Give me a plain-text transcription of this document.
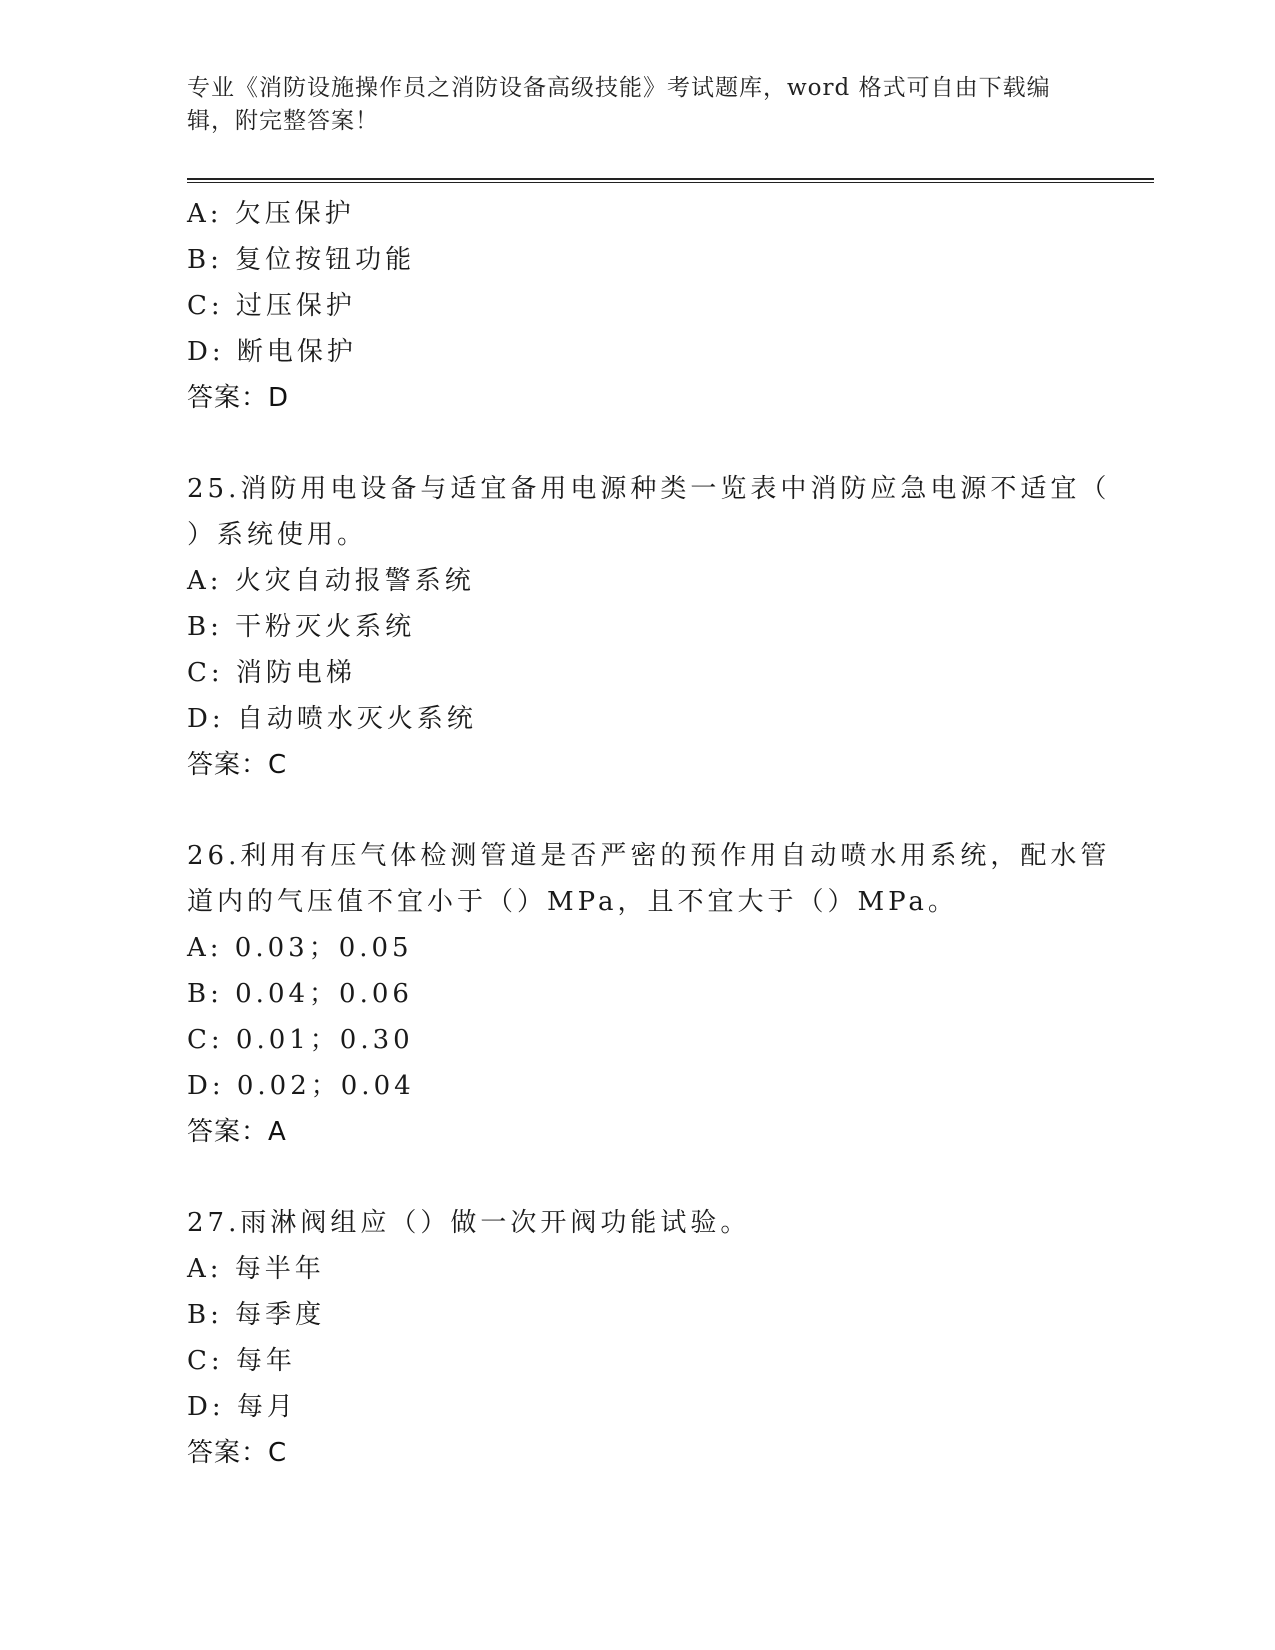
专业《消防设施操作员之消防设备高级技能》考试题库，word 格式可自由下载编
辑，附完整答案！
A: 欠压保护
B: 复位按钮功能
C: 过压保护
D: 断电保护
答案：D
25.消防用电设备与适宜备用电源种类一览表中消防应急电源不适宜（
）系统使用。
A: 火灾自动报警系统
B: 干粉灭火系统
C: 消防电梯
D: 自动喷水灭火系统
答案：C
26.利用有压气体检测管道是否严密的预作用自动喷水用系统，配水管
道内的气压值不宜小于（）MPa，且不宜大于（）MPa。
A: 0.03；0.05
B: 0.04；0.06
C: 0.01；0.30
D: 0.02；0.04
答案：A
27.雨淋阀组应（）做一次开阀功能试验。
A: 每半年
B: 每季度
C: 每年
D: 每月
答案：C
